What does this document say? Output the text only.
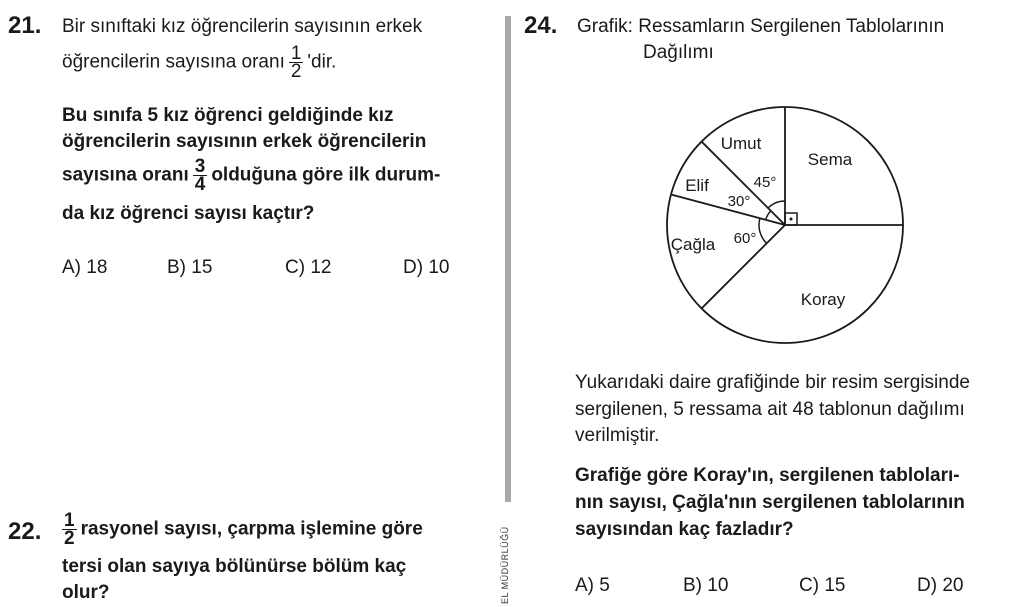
21. Bir sınıftaki kız öğrencilerin sayısının erkek
öğrencilerin sayısına oranı $\frac{1}{2}$ 'dir.
Bu sınıfa 5 kız öğrenci geldiğinde kız
öğrencilerin sayısının erkek öğrencilerin
sayısına oranı $\frac{3}{4}$ olduğuna göre ilk durum-
da kız öğrenci sayısı kaçtır?
A) 18	B) 15	C) 12	D) 10
22. $\frac{1}{2}$ rasyonel sayısı, çarpma işlemine göre
tersi olan sayıya bölünürse bölüm kaç
olur?	EL MÜDÜRLÜĞÜ
24. Grafik: Ressamların Sergilenen Tablolarının
Dağılımı
Sema
Koray
Çağla
Elif
Umut
45°
30°
60°
Yukarıdaki daire grafiğinde bir resim sergisinde
sergilenen, 5 ressama ait 48 tablonun dağılımı
verilmiştir.
Grafiğe göre Koray'ın, sergilenen tabloları-
nın sayısı, Çağla'nın sergilenen tablolarının
sayısından kaç fazladır?
A) 5	B) 10	C) 15	D) 20
